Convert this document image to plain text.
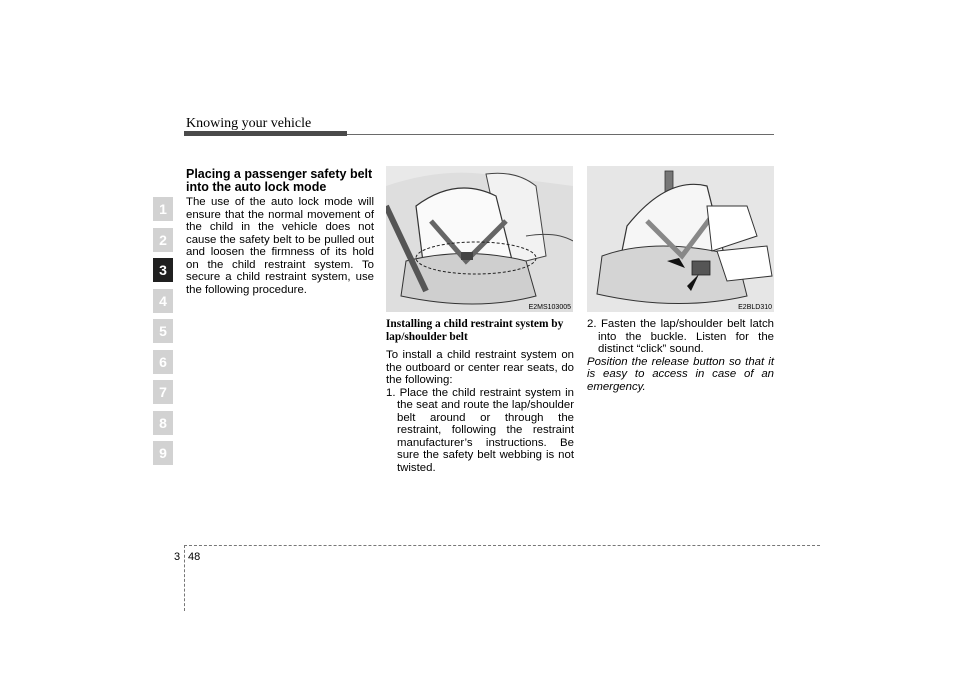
Knowing your vehicle
1
2
3
4
5
6
7
8
9
Placing a passenger safety belt into the auto lock mode

The use of the auto lock mode will ensure that the normal movement of the child in the vehicle does not cause the safety belt to be pulled out and loosen the firmness of its hold on the child restraint system. To secure a child restraint system, use the following procedure.

E2MS103005	E2BLD310
Installing a child restraint system by lap/shoulder belt

To install a child restraint system on the outboard or center rear seats, do the following:

1. Place the child restraint system in the seat and route the lap/shoulder belt around or through the restraint, following the restraint manufacturer’s instructions. Be sure the safety belt webbing is not twisted.

2. Fasten the lap/shoulder belt latch into the buckle. Listen for the distinct “click” sound.

Position the release button so that it is easy to access in case of an emergency.

3 48
